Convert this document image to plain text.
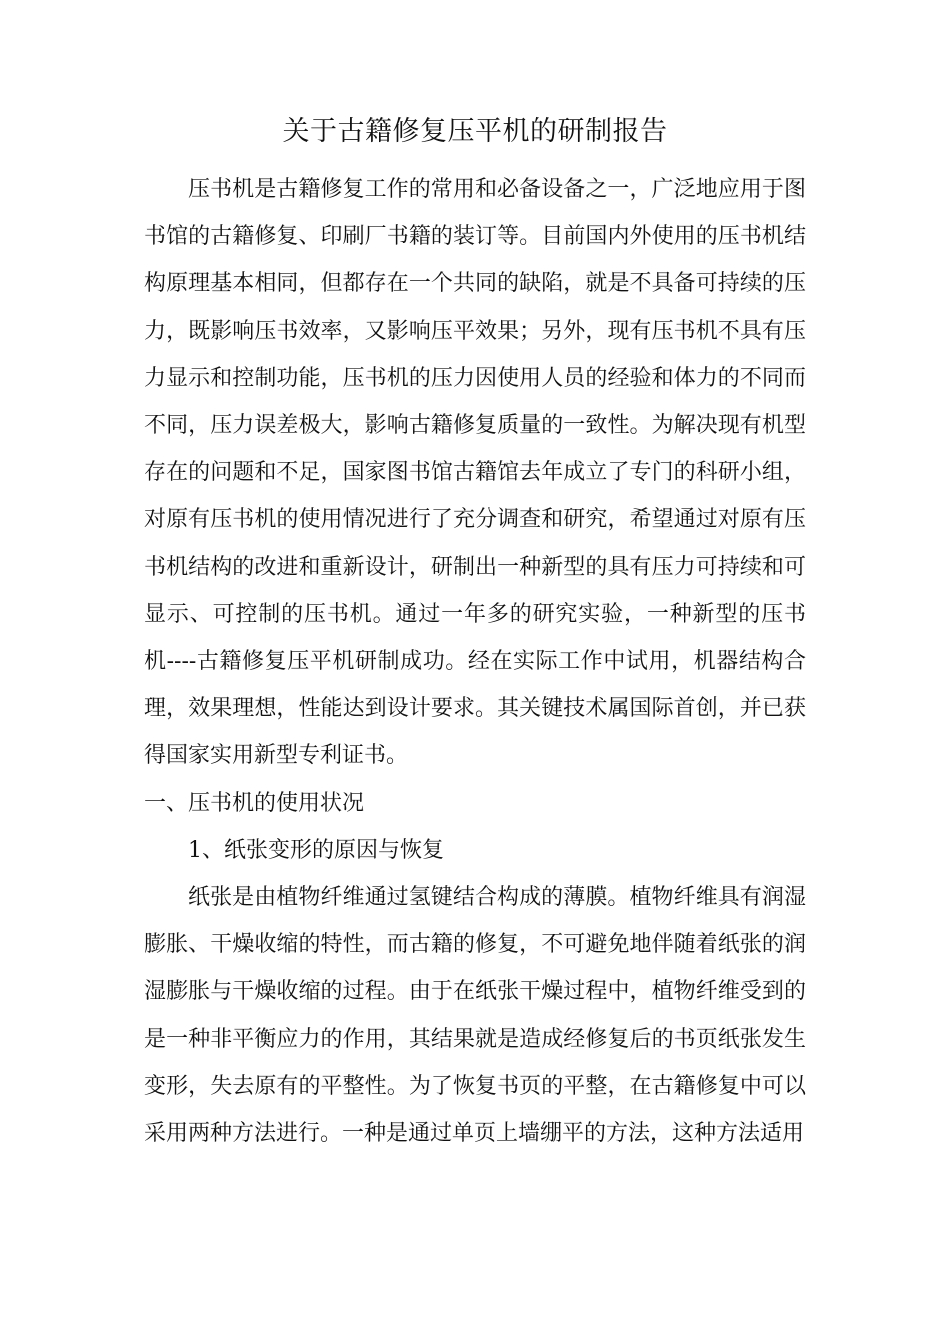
关于古籍修复压平机的研制报告

压书机是古籍修复工作的常用和必备设备之一，广泛地应用于图书馆的古籍修复、印刷厂书籍的装订等。目前国内外使用的压书机结构原理基本相同，但都存在一个共同的缺陷，就是不具备可持续的压力，既影响压书效率，又影响压平效果；另外，现有压书机不具有压力显示和控制功能，压书机的压力因使用人员的经验和体力的不同而不同，压力误差极大，影响古籍修复质量的一致性。为解决现有机型存在的问题和不足，国家图书馆古籍馆去年成立了专门的科研小组，对原有压书机的使用情况进行了充分调查和研究，希望通过对原有压书机结构的改进和重新设计，研制出一种新型的具有压力可持续和可显示、可控制的压书机。通过一年多的研究实验，一种新型的压书机----古籍修复压平机研制成功。经在实际工作中试用，机器结构合理，效果理想，性能达到设计要求。其关键技术属国际首创，并已获得国家实用新型专利证书。

一、压书机的使用状况

1、纸张变形的原因与恢复

纸张是由植物纤维通过氢键结合构成的薄膜。植物纤维具有润湿膨胀、干燥收缩的特性，而古籍的修复，不可避免地伴随着纸张的润湿膨胀与干燥收缩的过程。由于在纸张干燥过程中，植物纤维受到的是一种非平衡应力的作用，其结果就是造成经修复后的书页纸张发生变形，失去原有的平整性。为了恢复书页的平整，在古籍修复中可以采用两种方法进行。一种是通过单页上墙绷平的方法，这种方法适用
